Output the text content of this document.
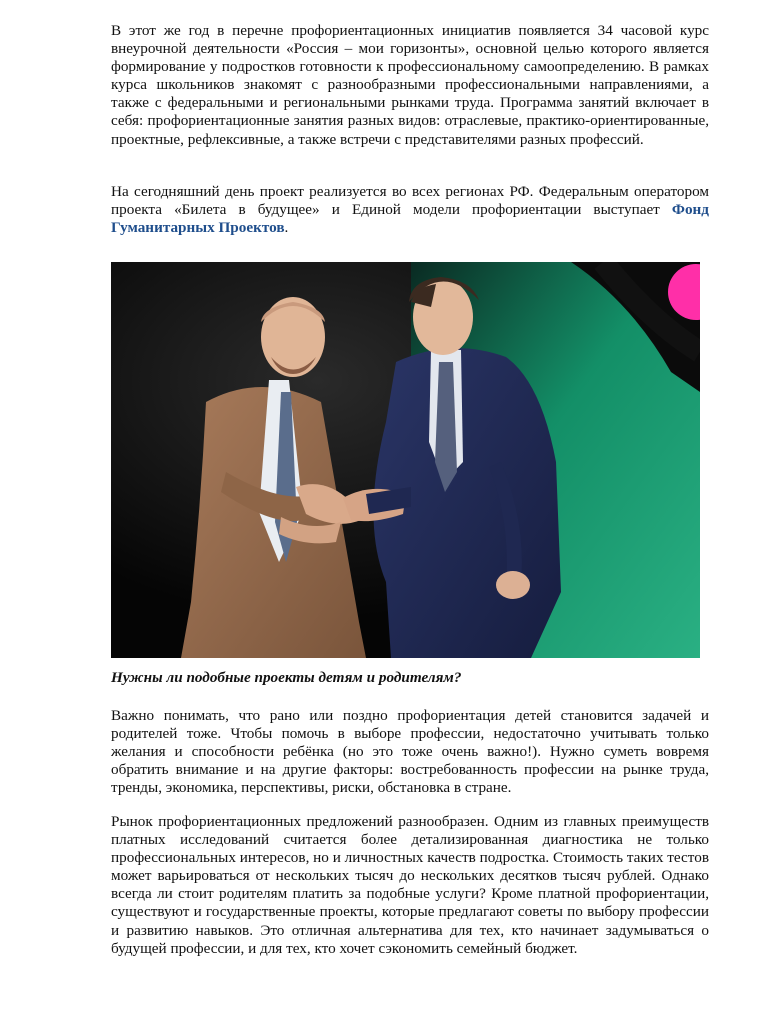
В этот же год в перечне профориентационных инициатив появляется 34 часовой курс внеурочной деятельности «Россия – мои горизонты», основной целью которого является формирование у подростков готовности к профессиональному самоопределению. В рамках курса школьников знакомят с разнообразными профессиональными направлениями, а также с федеральными и региональными рынками труда. Программа занятий включает в себя: профориентационные занятия разных видов: отраслевые, практико-ориентированные, проектные, рефлексивные, а также встречи с представителями разных профессий.

На сегодняшний день проект реализуется во всех регионах РФ. Федеральным оператором проекта «Билета в будущее» и Единой модели профориентации выступает Фонд Гуманитарных Проектов.

Нужны ли подобные проекты детям и родителям?

Важно понимать, что рано или поздно профориентация детей становится задачей и родителей тоже. Чтобы помочь в выборе профессии, недостаточно учитывать только желания и способности ребёнка (но это тоже очень важно!). Нужно суметь вовремя обратить внимание и на другие факторы: востребованность профессии на рынке труда, тренды, экономика, перспективы, риски, обстановка в стране.

Рынок профориентационных предложений разнообразен. Одним из главных преимуществ платных исследований считается более детализированная диагностика не только профессиональных интересов, но и личностных качеств подростка. Стоимость таких тестов может варьироваться от нескольких тысяч до нескольких десятков тысяч рублей. Однако всегда ли стоит родителям платить за подобные услуги? Кроме платной профориентации, существуют и государственные проекты, которые предлагают советы по выбору профессии и развитию навыков. Это отличная альтернатива для тех, кто начинает задумываться о будущей профессии, и для тех, кто хочет сэкономить семейный бюджет.
